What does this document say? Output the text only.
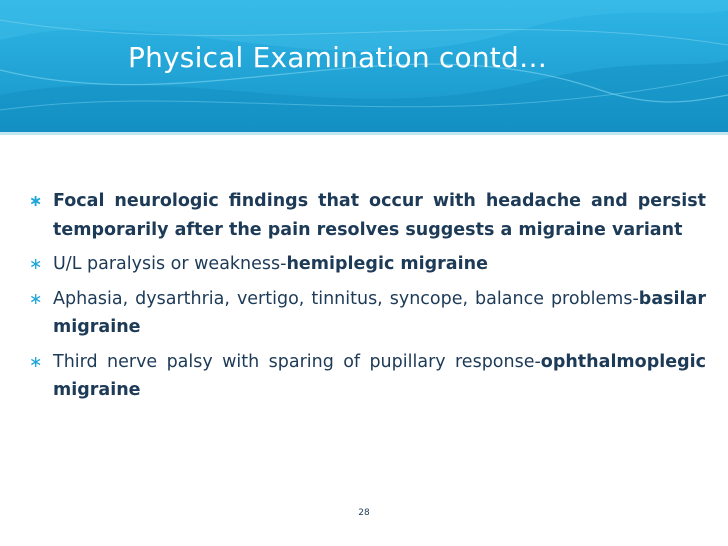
Physical Examination contd…
∗ Focal neurologic findings that occur with headache and persist temporarily after the pain resolves suggests a migraine variant
∗ U/L paralysis or weakness-hemiplegic migraine
∗ Aphasia, dysarthria, vertigo, tinnitus, syncope, balance problems-basilar migraine
∗ Third nerve palsy with sparing of pupillary response-ophthalmoplegic migraine
28
